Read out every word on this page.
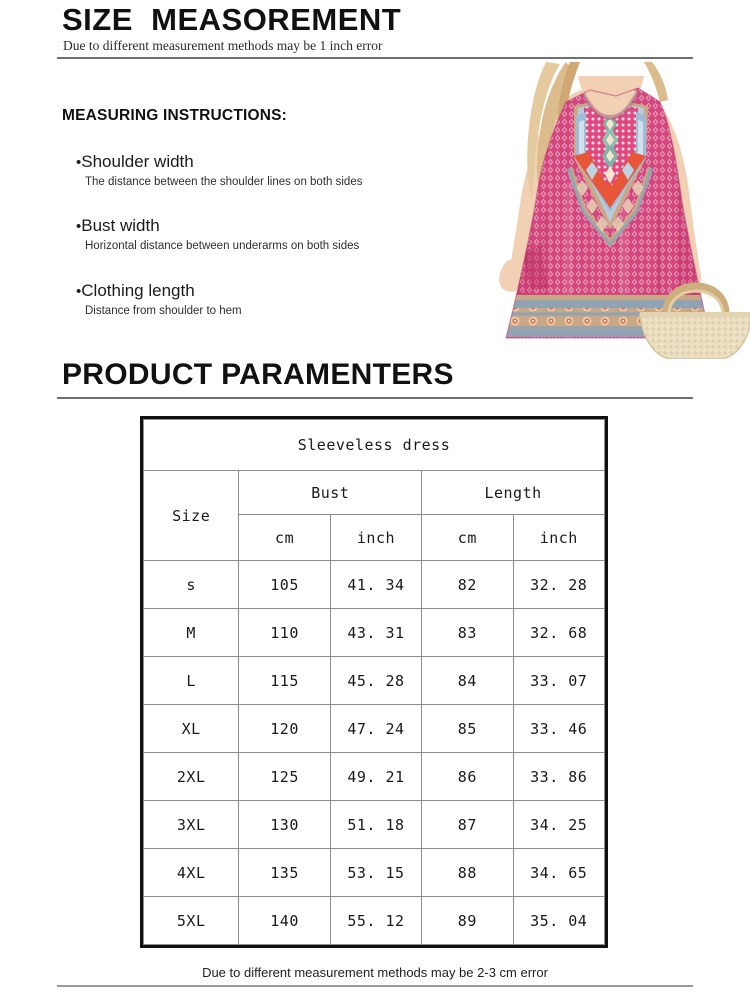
SIZE  MEASOREMENT
Due to different measurement methods may be 1 inch error
MEASURING INSTRUCTIONS:
•Shoulder width
The distance between the shoulder lines on both sides
•Bust width
Horizontal distance between underarms on both sides
•Clothing length
Distance from shoulder to hem
PRODUCT PARAMENTERS
Sleeveless dress				
Size	Bust		Length	
	cm	inch	cm	inch
s	105	41. 34	82	32. 28
M	110	43. 31	83	32. 68
L	115	45. 28	84	33. 07
XL	120	47. 24	85	33. 46
2XL	125	49. 21	86	33. 86
3XL	130	51. 18	87	34. 25
4XL	135	53. 15	88	34. 65
5XL	140	55. 12	89	35. 04
Due to different measurement methods may be 2-3 cm error
